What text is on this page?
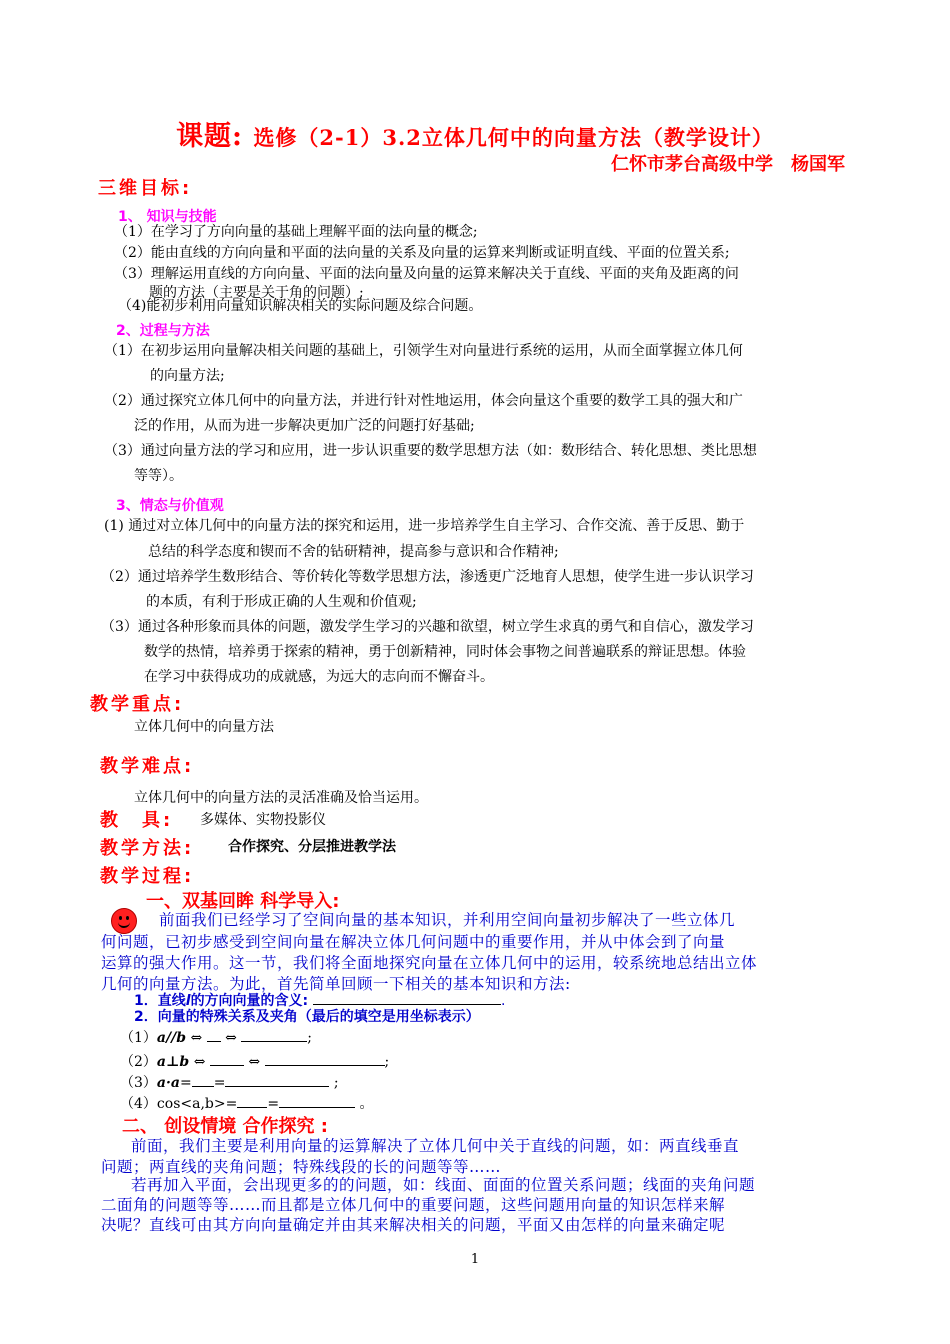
课题: 选修（2-1）3.2立体几何中的向量方法（教学设计）
仁怀市茅台高级中学　杨国军
三维目标:
1、 知识与技能
（1）在学习了方向向量的基础上理解平面的法向量的概念;
（2）能由直线的方向向量和平面的法向量的关系及向量的运算来判断或证明直线、平面的位置关系;
（3）理解运用直线的方向向量、平面的法向量及向量的运算来解决关于直线、平面的夹角及距离的问
题的方法（主要是关于角的问题）;
（4)能初步利用向量知识解决相关的实际问题及综合问题。
2、过程与方法
（1）在初步运用向量解决相关问题的基础上，引领学生对向量进行系统的运用，从而全面掌握立体几何
的向量方法;
（2）通过探究立体几何中的向量方法，并进行针对性地运用，体会向量这个重要的数学工具的强大和广
泛的作用，从而为进一步解决更加广泛的问题打好基础;
（3）通过向量方法的学习和应用，进一步认识重要的数学思想方法（如：数形结合、转化思想、类比思想
等等）。
3、情态与价值观
(1) 通过对立体几何中的向量方法的探究和运用，进一步培养学生自主学习、合作交流、善于反思、勤于
总结的科学态度和锲而不舍的钻研精神，提高参与意识和合作精神;
（2）通过培养学生数形结合、等价转化等数学思想方法，渗透更广泛地育人思想，使学生进一步认识学习
的本质，有利于形成正确的人生观和价值观;
（3）通过各种形象而具体的问题，激发学生学习的兴趣和欲望，树立学生求真的勇气和自信心，激发学习
数学的热情，培养勇于探索的精神，勇于创新精神，同时体会事物之间普遍联系的辩证思想。体验
在学习中获得成功的成就感，为远大的志向而不懈奋斗。
教学重点:
立体几何中的向量方法
教学难点:
立体几何中的向量方法的灵活准确及恰当运用。
教　具: 多媒体、实物投影仪
教学方法: 合作探究、分层推进教学法
教学过程:
一、双基回眸 科学导入:
前面我们已经学习了空间向量的基本知识，并利用空间向量初步解决了一些立体几
何问题，已初步感受到空间向量在解决立体几何问题中的重要作用，并从中体会到了向量
运算的强大作用。这一节，我们将全面地探究向量在立体几何中的运用，较系统地总结出立体
几何的向量方法。为此，首先简单回顾一下相关的基本知识和方法:
1．直线l的方向向量的含义:	.
2．向量的特殊关系及夹角（最后的填空是用坐标表示）
（1）a//b ⇔ ⇔	;
（2）a⊥b ⇔	⇔	;
（3）a·a= =	;
（4）cos<a,b>= =	。
二、 创设情境 合作探究 :
前面，我们主要是利用向量的运算解决了立体几何中关于直线的问题，如：两直线垂直
问题；两直线的夹角问题；特殊线段的长的问题等等……
若再加入平面，会出现更多的的问题，如：线面、面面的位置关系问题；线面的夹角问题
二面角的问题等等……而且都是立体几何中的重要问题，这些问题用向量的知识怎样来解
决呢？直线可由其方向向量确定并由其来解决相关的问题，平面又由怎样的向量来确定呢
1
